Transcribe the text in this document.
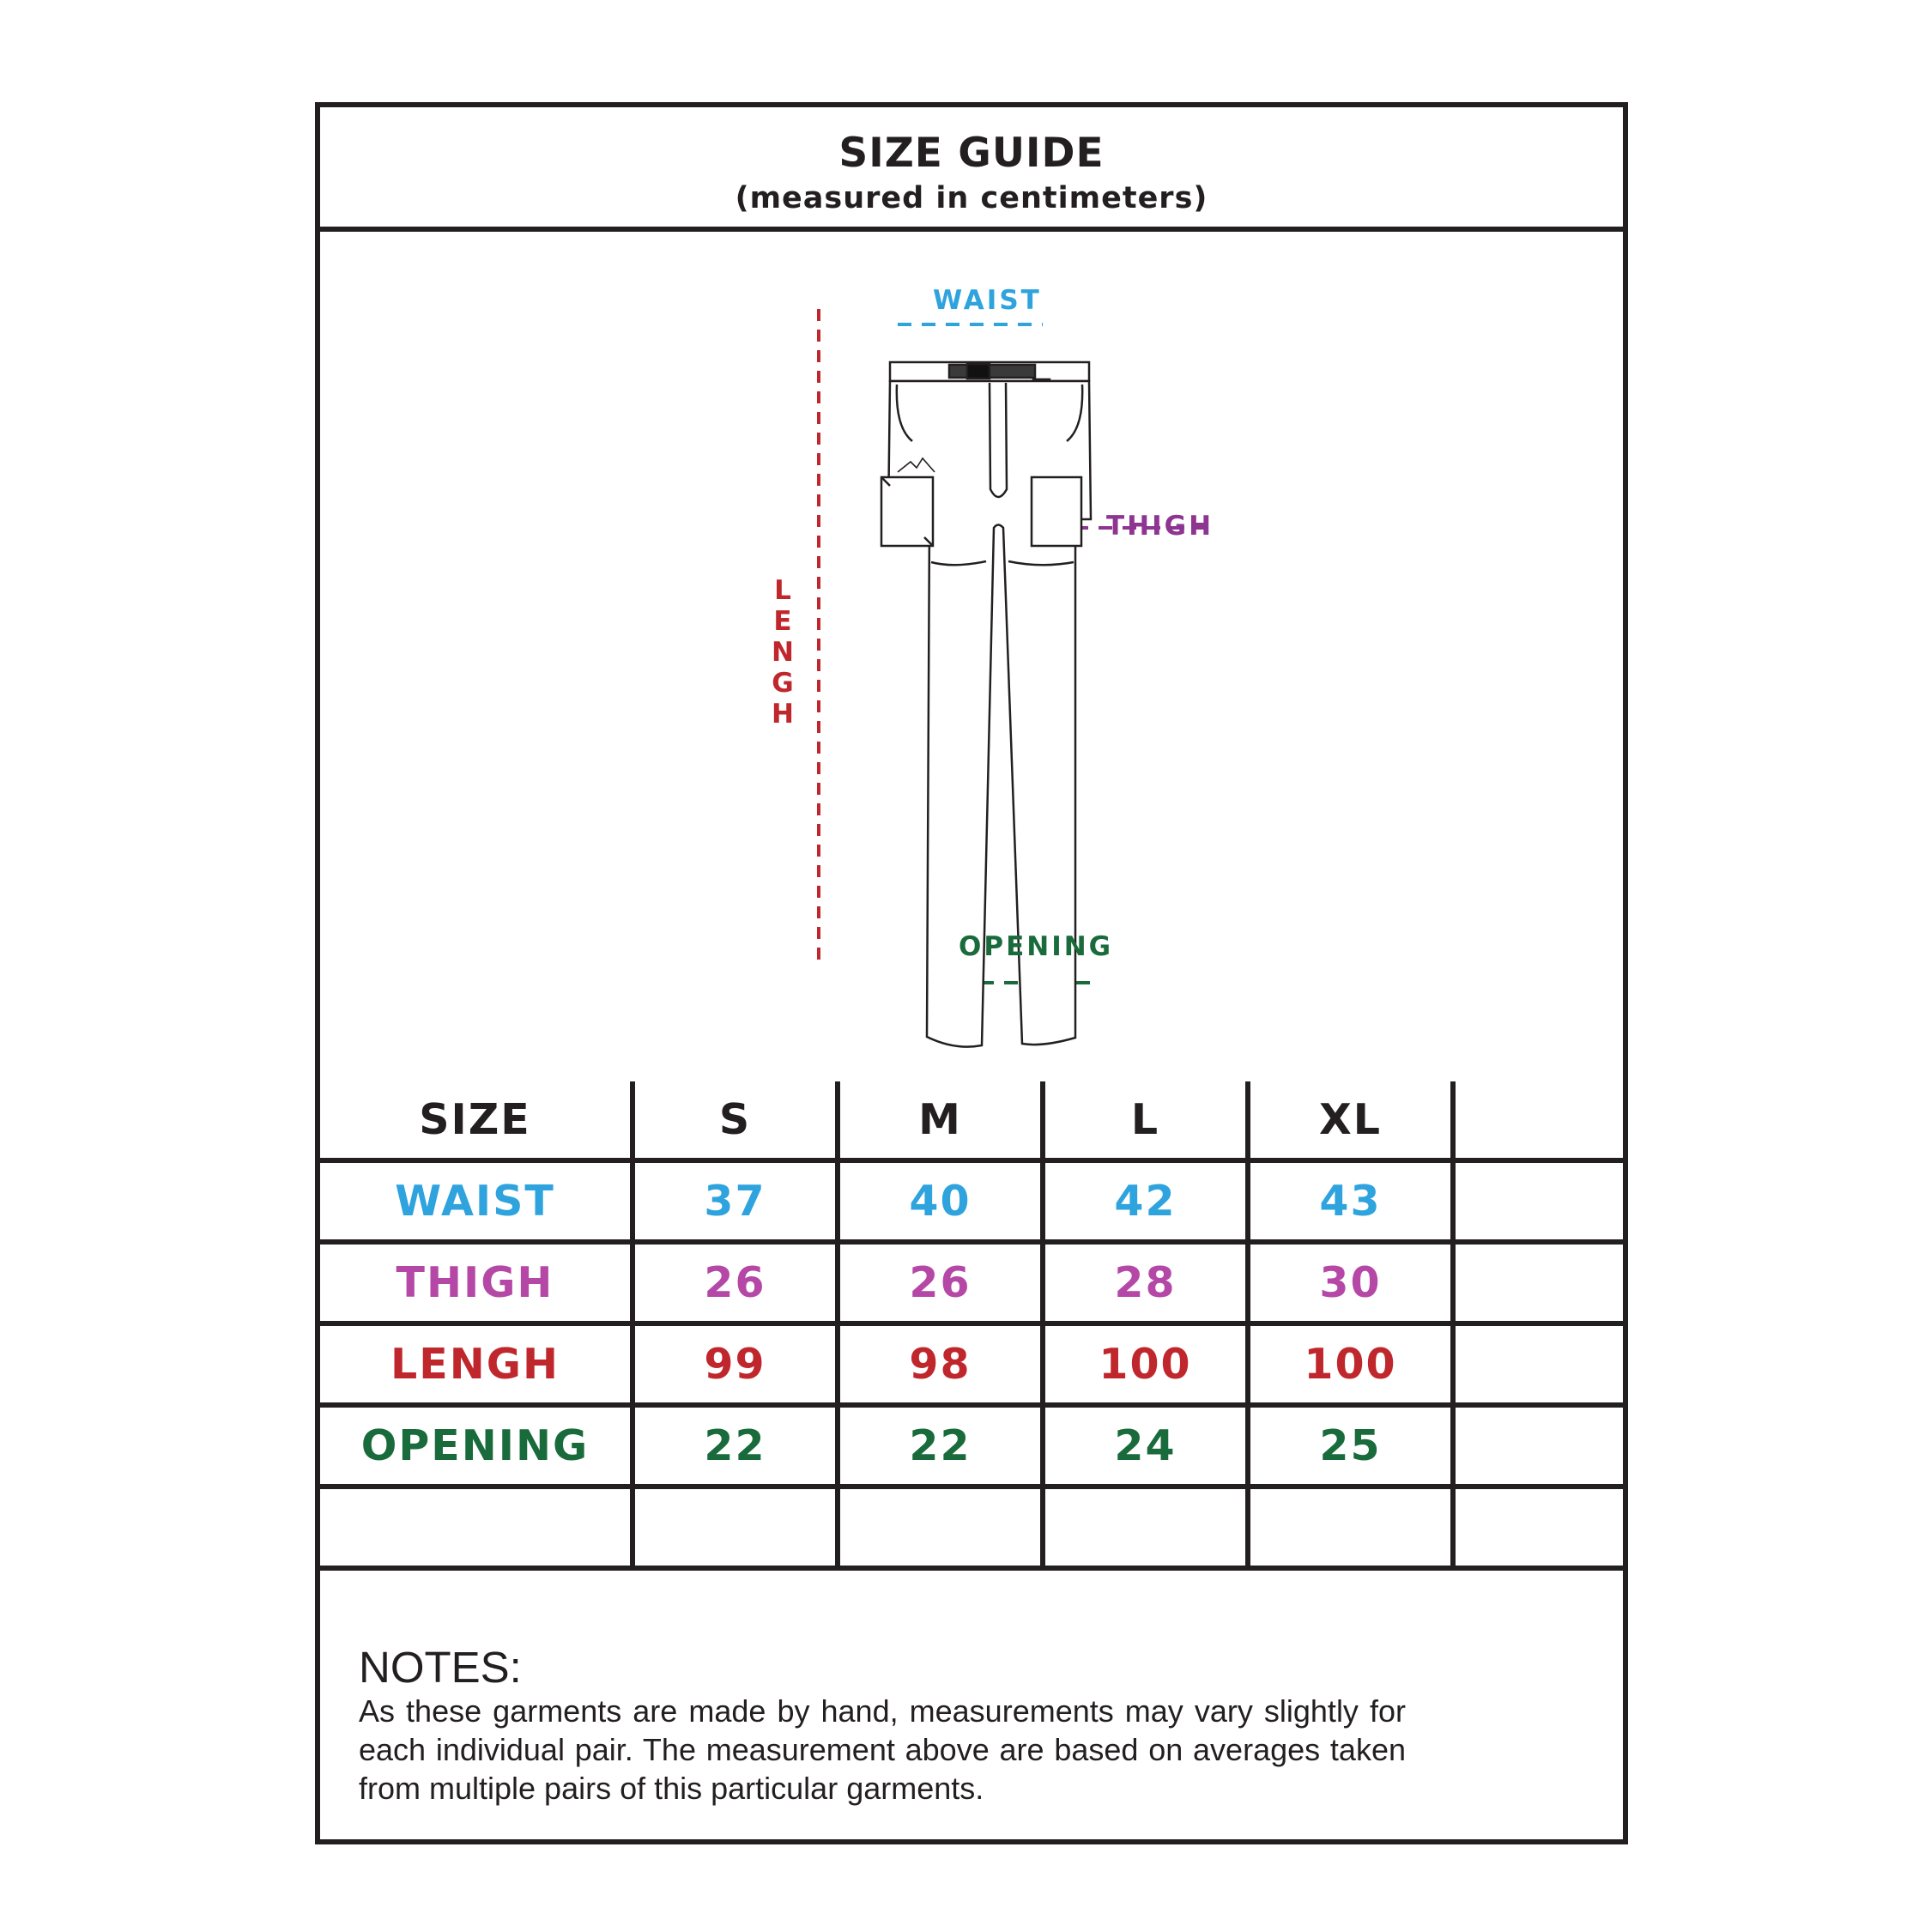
SIZE GUIDE
(measured in centimeters)
WAIST
THIGH
OPENING
LENGH
SIZE	S	M	L	XL	
WAIST	37	40	42	43	
THIGH	26	26	28	30	
LENGH	99	98	100	100	
OPENING	22	22	24	25	

NOTES:
As these garments are made by hand, measurements may vary slightly for each individual pair. The measurement above are based on averages taken from multiple pairs of this particular garments.
